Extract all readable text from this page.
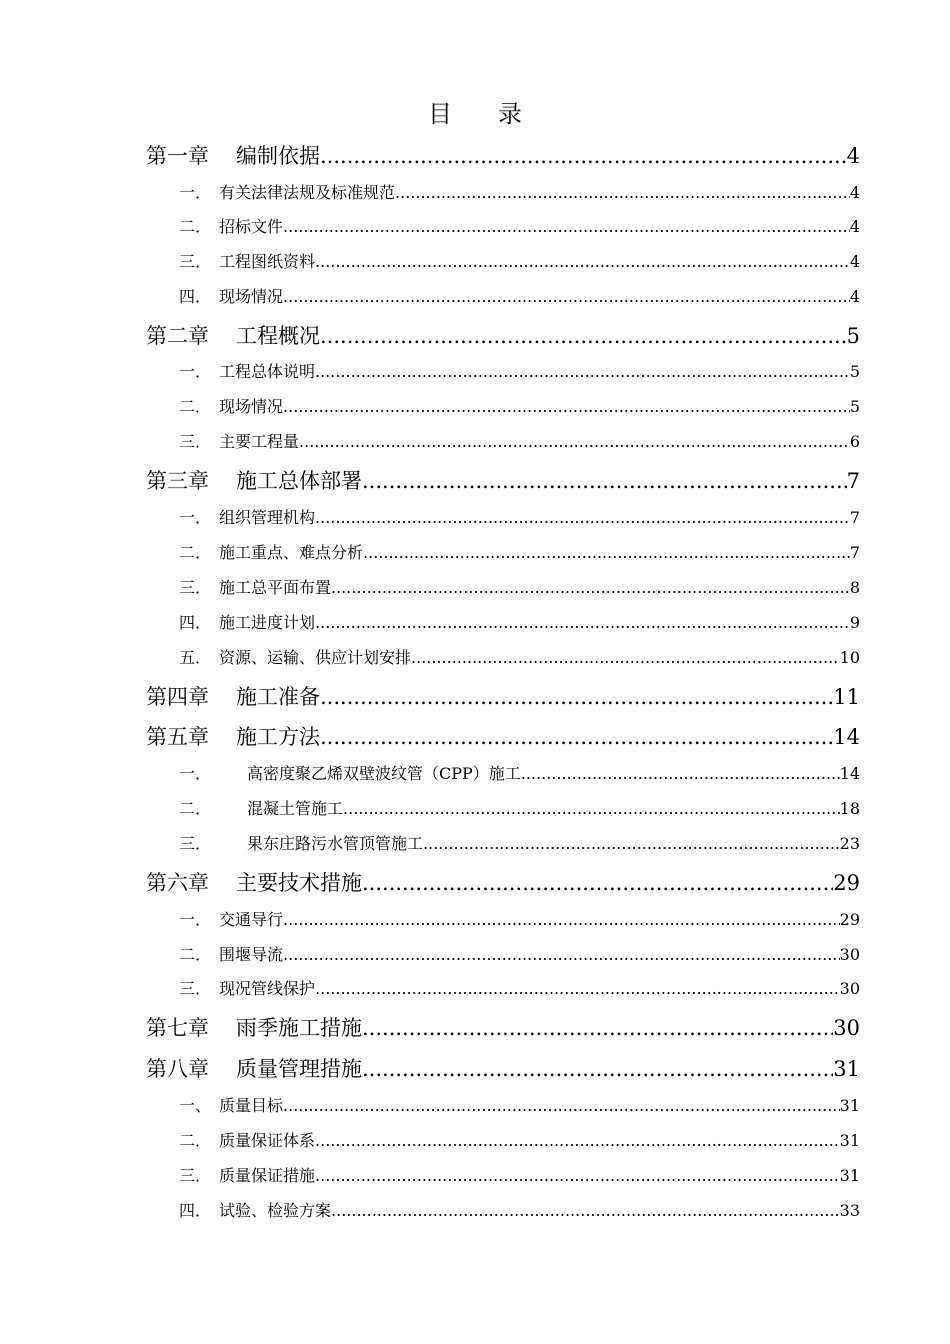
目 录
第一章 编制依据 .....	4
一． 有关法律法规及标准规范 .....	4
二． 招标文件 .....	4
三． 工程图纸资料 .....	4
四． 现场情况 .....	4
第二章 工程概况 .....	5
一． 工程总体说明 .....	5
二． 现场情况 .....	5
三． 主要工程量 .....	6
第三章 施工总体部署 .....	7
一． 组织管理机构 .....	7
二． 施工重点、难点分析 .....	7
三． 施工总平面布置 .....	8
四． 施工进度计划 .....	9
五． 资源、运输、供应计划安排 .....	10
第四章 施工准备 .....	11
第五章 施工方法 .....	14
一． 高密度聚乙烯双壁波纹管（CPP）施工 .....	14
二． 混凝土管施工 .....	18
三． 果东庄路污水管顶管施工 .....	23
第六章 主要技术措施 .....	29
一． 交通导行 .....	29
二． 围堰导流 .....	30
三． 现况管线保护 .....	30
第七章 雨季施工措施 .....	30
第八章 质量管理措施 .....	31
一、 质量目标 .....	31
二． 质量保证体系 .....	31
三． 质量保证措施 .....	31
四． 试验、检验方案 .....	33
